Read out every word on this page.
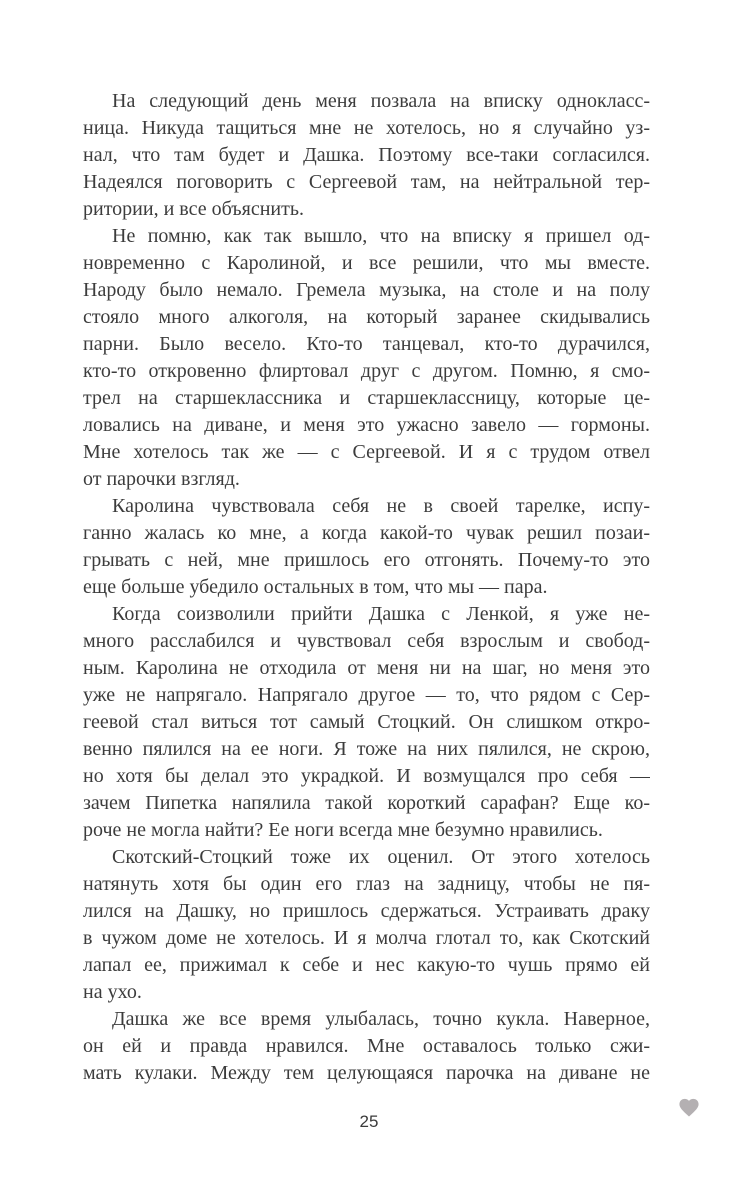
На следующий день меня позвала на вписку однокласс-
ница. Никуда тащиться мне не хотелось, но я случайно уз-
нал, что там будет и Дашка. Поэтому все-таки согласился.
Надеялся поговорить с Сергеевой там, на нейтральной тер-
ритории, и все объяснить.
Не помню, как так вышло, что на вписку я пришел од-
новременно с Каролиной, и все решили, что мы вместе.
Народу было немало. Гремела музыка, на столе и на полу
стояло много алкоголя, на который заранее скидывались
парни. Было весело. Кто-то танцевал, кто-то дурачился,
кто-то откровенно флиртовал друг с другом. Помню, я смо-
трел на старшеклассника и старшеклассницу, которые це-
ловались на диване, и меня это ужасно завело — гормоны.
Мне хотелось так же — с Сергеевой. И я с трудом отвел
от парочки взгляд.
Каролина чувствовала себя не в своей тарелке, испу-
ганно жалась ко мне, а когда какой-то чувак решил позаи-
грывать с ней, мне пришлось его отгонять. Почему-то это
еще больше убедило остальных в том, что мы — пара.
Когда соизволили прийти Дашка с Ленкой, я уже не-
много расслабился и чувствовал себя взрослым и свобод-
ным. Каролина не отходила от меня ни на шаг, но меня это
уже не напрягало. Напрягало другое — то, что рядом с Сер-
геевой стал виться тот самый Стоцкий. Он слишком откро-
венно пялился на ее ноги. Я тоже на них пялился, не скрою,
но хотя бы делал это украдкой. И возмущался про себя —
зачем Пипетка напялила такой короткий сарафан? Еще ко-
роче не могла найти? Ее ноги всегда мне безумно нравились.
Скотский-Стоцкий тоже их оценил. От этого хотелось
натянуть хотя бы один его глаз на задницу, чтобы не пя-
лился на Дашку, но пришлось сдержаться. Устраивать драку
в чужом доме не хотелось. И я молча глотал то, как Скотский
лапал ее, прижимал к себе и нес какую-то чушь прямо ей
на ухо.
Дашка же все время улыбалась, точно кукла. Наверное,
он ей и правда нравился. Мне оставалось только сжи-
мать кулаки. Между тем целующаяся парочка на диване не
25
